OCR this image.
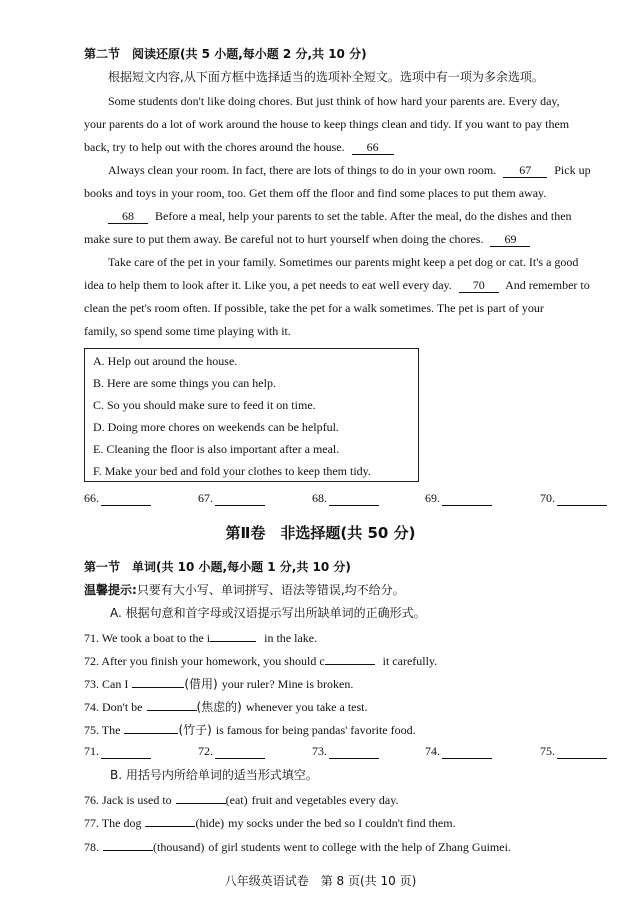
第二节　阅读还原(共 5 小题,每小题 2 分,共 10 分)
根据短文内容,从下面方框中选择适当的选项补全短文。选项中有一项为多余选项。
Some students don't like doing chores. But just think of how hard your parents are. Every day,
your parents do a lot of work around the house to keep things clean and tidy. If you want to pay them
back, try to help out with the chores around the house. 66
Always clean your room. In fact, there are lots of things to do in your own room. 67 Pick up
books and toys in your room, too. Get them off the floor and find some places to put them away.
68 Before a meal, help your parents to set the table. After the meal, do the dishes and then
make sure to put them away. Be careful not to hurt yourself when doing the chores. 69
Take care of the pet in your family. Sometimes our parents might keep a pet dog or cat. It's a good
idea to help them to look after it. Like you, a pet needs to eat well every day. 70 And remember to
clean the pet's room often. If possible, take the pet for a walk sometimes. The pet is part of your
family, so spend some time playing with it.
A. Help out around the house.
B. Here are some things you can help.
C. So you should make sure to feed it on time.
D. Doing more chores on weekends can be helpful.
E. Cleaning the floor is also important after a meal.
F. Make your bed and fold your clothes to keep them tidy.
66.	67.	68.	69.	70.
第Ⅱ卷　非选择题(共 50 分)
第一节　单词(共 10 小题,每小题 1 分,共 10 分)
温馨提示:只要有大小写、单词拼写、语法等错误,均不给分。
A. 根据句意和首字母或汉语提示写出所缺单词的正确形式。
71. We took a boat to the i	in the lake.
72. After you finish your homework, you should c	it carefully.
73. Can I	(借用) your ruler? Mine is broken.
74. Don't be	(焦虑的) whenever you take a test.
75. The	(竹子) is famous for being pandas' favorite food.
71.	72.	73.	74.	75.
B. 用括号内所给单词的适当形式填空。
76. Jack is used to	(eat) fruit and vegetables every day.
77. The dog	(hide) my socks under the bed so I couldn't find them.
78.	(thousand) of girl students went to college with the help of Zhang Guimei.
八年级英语试卷　第 8 页(共 10 页)
